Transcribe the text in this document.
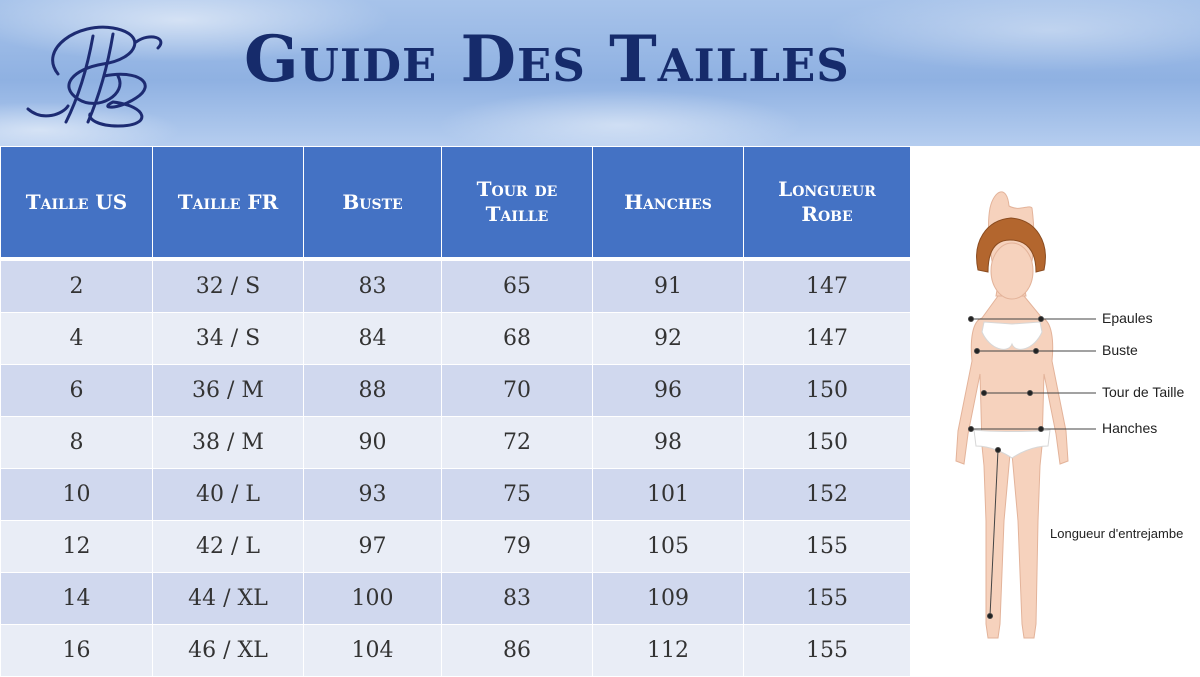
Guide Des Tailles
Taille US	Taille FR	Buste	Tour de Taille	Hanches	Longueur Robe
2	32 / S	83	65	91	147
4	34 / S	84	68	92	147
6	36 / M	88	70	96	150
8	38 / M	90	72	98	150
10	40 / L	93	75	101	152
12	42 / L	97	79	105	155
14	44 / XL	100	83	109	155
16	46 / XL	104	86	112	155
Epaules
Buste
Tour de Taille
Hanches
Longueur d'entrejambe
